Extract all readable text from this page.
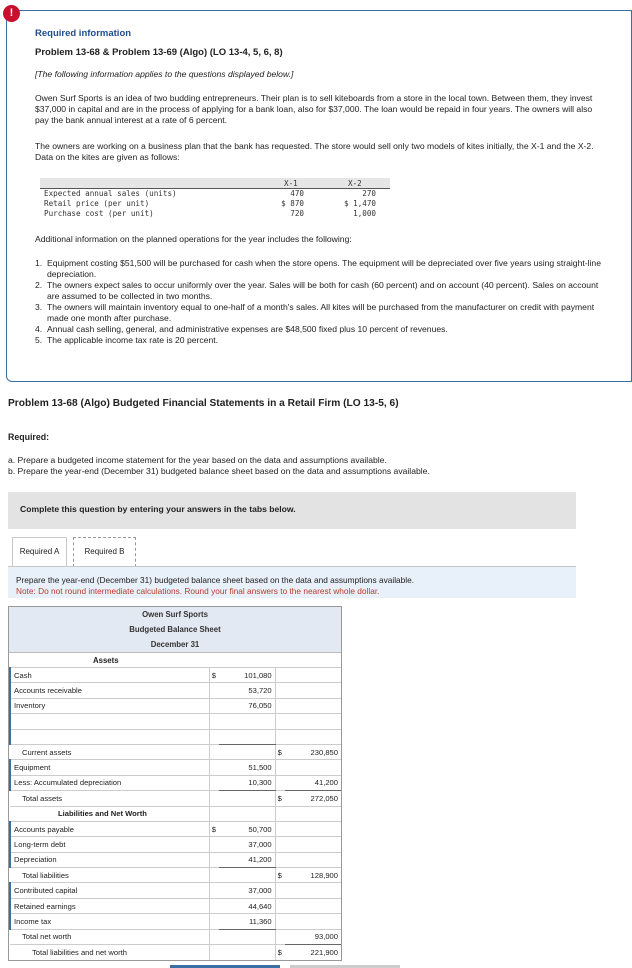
!
Required information
Problem 13-68 & Problem 13-69 (Algo) (LO 13-4, 5, 6, 8)
[The following information applies to the questions displayed below.]
Owen Surf Sports is an idea of two budding entrepreneurs. Their plan is to sell kiteboards from a store in the local town. Between them, they invest $37,000 in capital and are in the process of applying for a bank loan, also for $37,000. The loan would be repaid in four years. The owners will also pay the bank annual interest at a rate of 6 percent.
The owners are working on a business plan that the bank has requested. The store would sell only two models of kites initially, the X-1 and the X-2. Data on the kites are given as follows:
X-1	X-2
Expected annual sales (units)	470	270
Retail price (per unit)	$ 870	$ 1,470
Purchase cost (per unit)	720	1,000
Additional information on the planned operations for the year includes the following:
1. Equipment costing $51,500 will be purchased for cash when the store opens. The equipment will be depreciated over five years using straight-line depreciation.
2. The owners expect sales to occur uniformly over the year. Sales will be both for cash (60 percent) and on account (40 percent). Sales on account are assumed to be collected in two months.
3. The owners will maintain inventory equal to one-half of a month's sales. All kites will be purchased from the manufacturer on credit with payment made one month after purchase.
4. Annual cash selling, general, and administrative expenses are $48,500 fixed plus 10 percent of revenues.
5. The applicable income tax rate is 20 percent.
Problem 13-68 (Algo) Budgeted Financial Statements in a Retail Firm (LO 13-5, 6)
Required:
a. Prepare a budgeted income statement for the year based on the data and assumptions available.
b. Prepare the year-end (December 31) budgeted balance sheet based on the data and assumptions available.
Complete this question by entering your answers in the tabs below.
Required A	Required B
Prepare the year-end (December 31) budgeted balance sheet based on the data and assumptions available.
Note: Do not round intermediate calculations. Round your final answers to the nearest whole dollar.
Owen Surf Sports
Budgeted Balance Sheet
December 31
Assets
Cash	$	101,080		
Accounts receivable		53,720		
Inventory		76,050		

Current assets			$	230,850
Equipment		51,500		
Less: Accumulated depreciation		10,300		41,200
Total assets			$	272,050
Liabilities and Net Worth				
Accounts payable	$	50,700		
Long-term debt		37,000		
Depreciation		41,200		
Total liabilities			$	128,900
Contributed capital		37,000		
Retained earnings		44,640		
Income tax		11,360		
Total net worth				93,000
Total liabilities and net worth			$	221,900
